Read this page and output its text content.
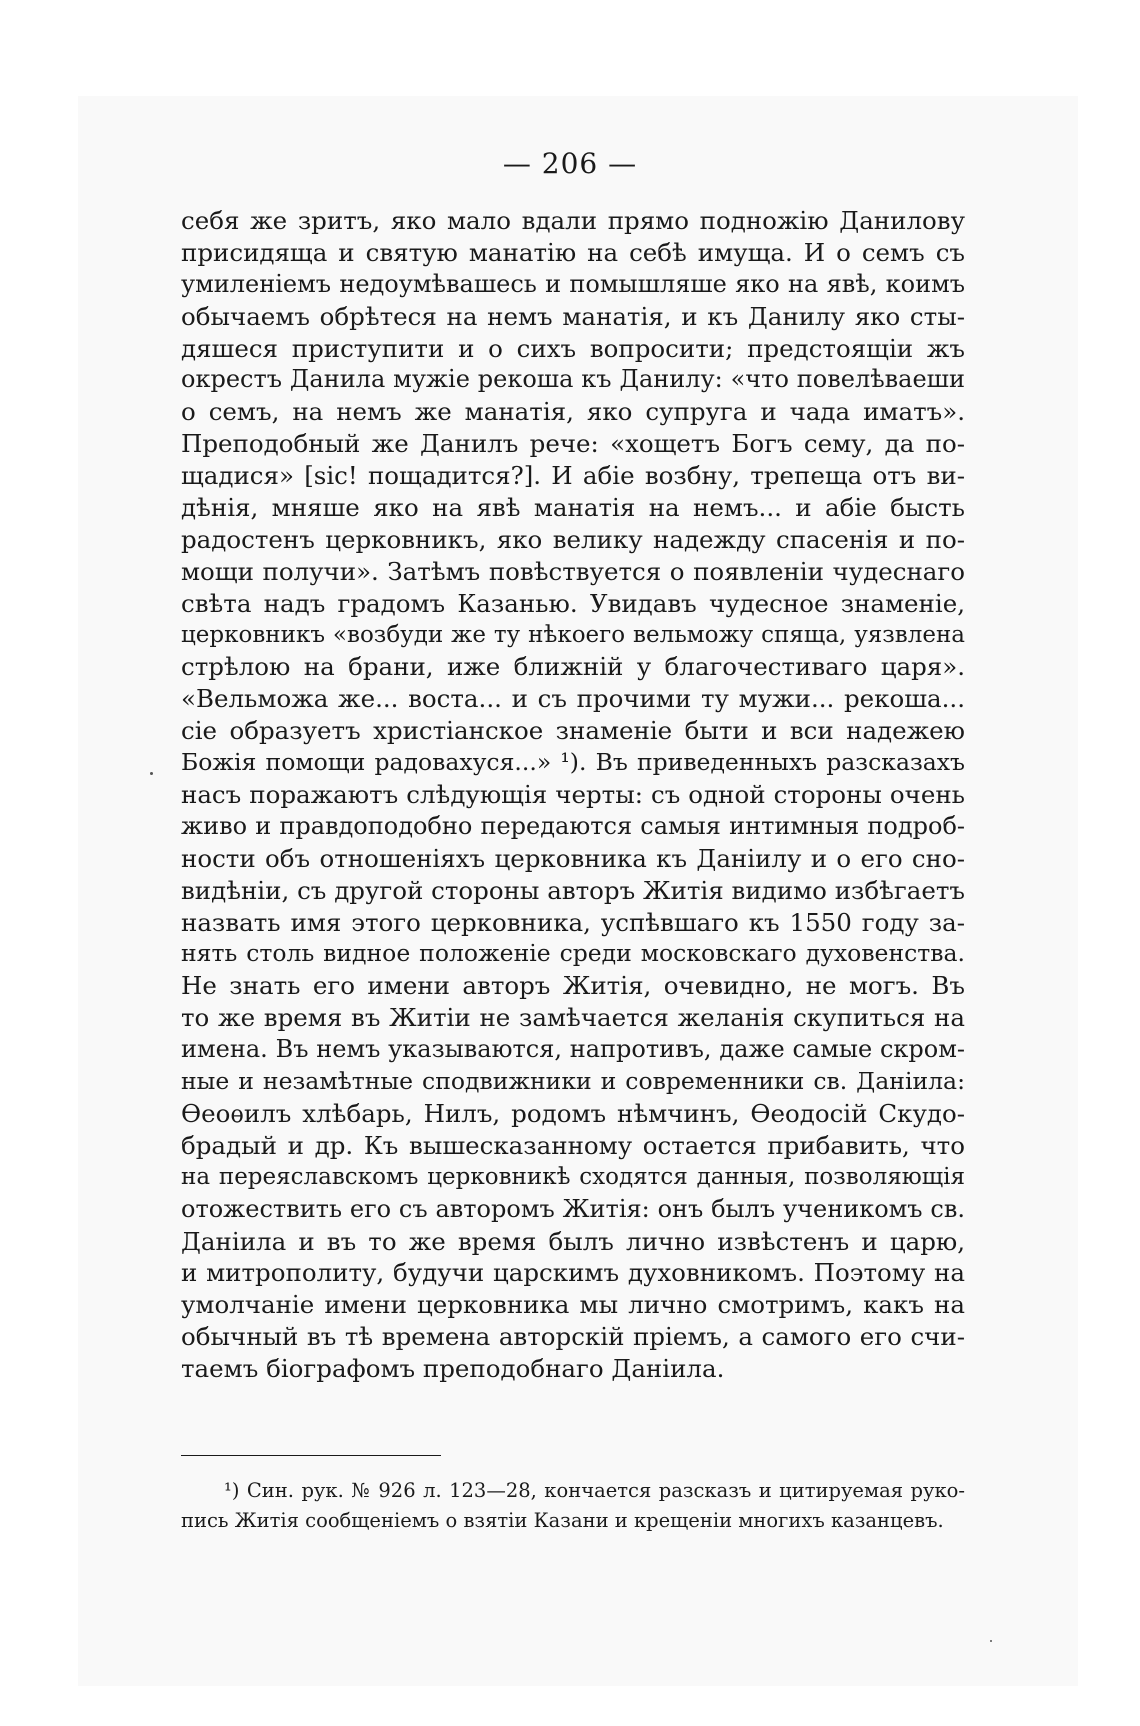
— 206 —
себя же зритъ, яко мало вдали прямо подножію Данилову
присидяща и святую манатію на себѣ имуща. И о семъ съ
умиленіемъ недоумѣвашесь и помышляше яко на явѣ, коимъ
обычаемъ обрѣтеся на немъ манатія, и къ Данилу яко сты-
дяшеся приступити и о сихъ вопросити; предстоящіи жъ
окрестъ Данила мужіе рекоша къ Данилу: «что повелѣваеши
о семъ, на немъ же манатія, яко супруга и чада иматъ».
Преподобный же Данилъ рече: «хощетъ Богъ сему, да по-
щадися» [sic! пощадится?]. И абіе возбну, трепеща отъ ви-
дѣнія, мняше яко на явѣ манатія на немъ... и абіе бысть
радостенъ церковникъ, яко велику надежду спасенія и по-
мощи получи». Затѣмъ повѣствуется о появленіи чудеснаго
свѣта надъ градомъ Казанью. Увидавъ чудесное знаменіе,
церковникъ «возбуди же ту нѣкоего вельможу спяща, уязвлена
стрѣлою на брани, иже ближній у благочестиваго царя».
«Вельможа же... воста... и съ прочими ту мужи... рекоша...
сіе образуетъ христіанское знаменіе быти и вси надежею
Божія помощи радовахуся...» ¹). Въ приведенныхъ разсказахъ
насъ поражаютъ слѣдующія черты: съ одной стороны очень
живо и правдоподобно передаются самыя интимныя подроб-
ности объ отношеніяхъ церковника къ Даніилу и о его сно-
видѣніи, съ другой стороны авторъ Житія видимо избѣгаетъ
назвать имя этого церковника, успѣвшаго къ 1550 году за-
нять столь видное положеніе среди московскаго духовенства.
Не знать его имени авторъ Житія, очевидно, не могъ. Въ
то же время въ Житіи не замѣчается желанія скупиться на
имена. Въ немъ указываются, напротивъ, даже самые скром-
ные и незамѣтные сподвижники и современники св. Даніила:
Ѳеоѳилъ хлѣбарь, Нилъ, родомъ нѣмчинъ, Ѳеодосій Скудо-
брадый и др. Къ вышесказанному остается прибавить, что
на переяславскомъ церковникѣ сходятся данныя, позволяющія
отожествить его съ авторомъ Житія: онъ былъ ученикомъ св.
Даніила и въ то же время былъ лично извѣстенъ и царю,
и митрополиту, будучи царскимъ духовникомъ. Поэтому на
умолчаніе имени церковника мы лично смотримъ, какъ на
обычный въ тѣ времена авторскій пріемъ, а самого его счи-
таемъ біографомъ преподобнаго Даніила.
¹) Син. рук. № 926 л. 123—28, кончается разсказъ и цитируемая руко-
пись Житія сообщеніемъ о взятіи Казани и крещеніи многихъ казанцевъ.
